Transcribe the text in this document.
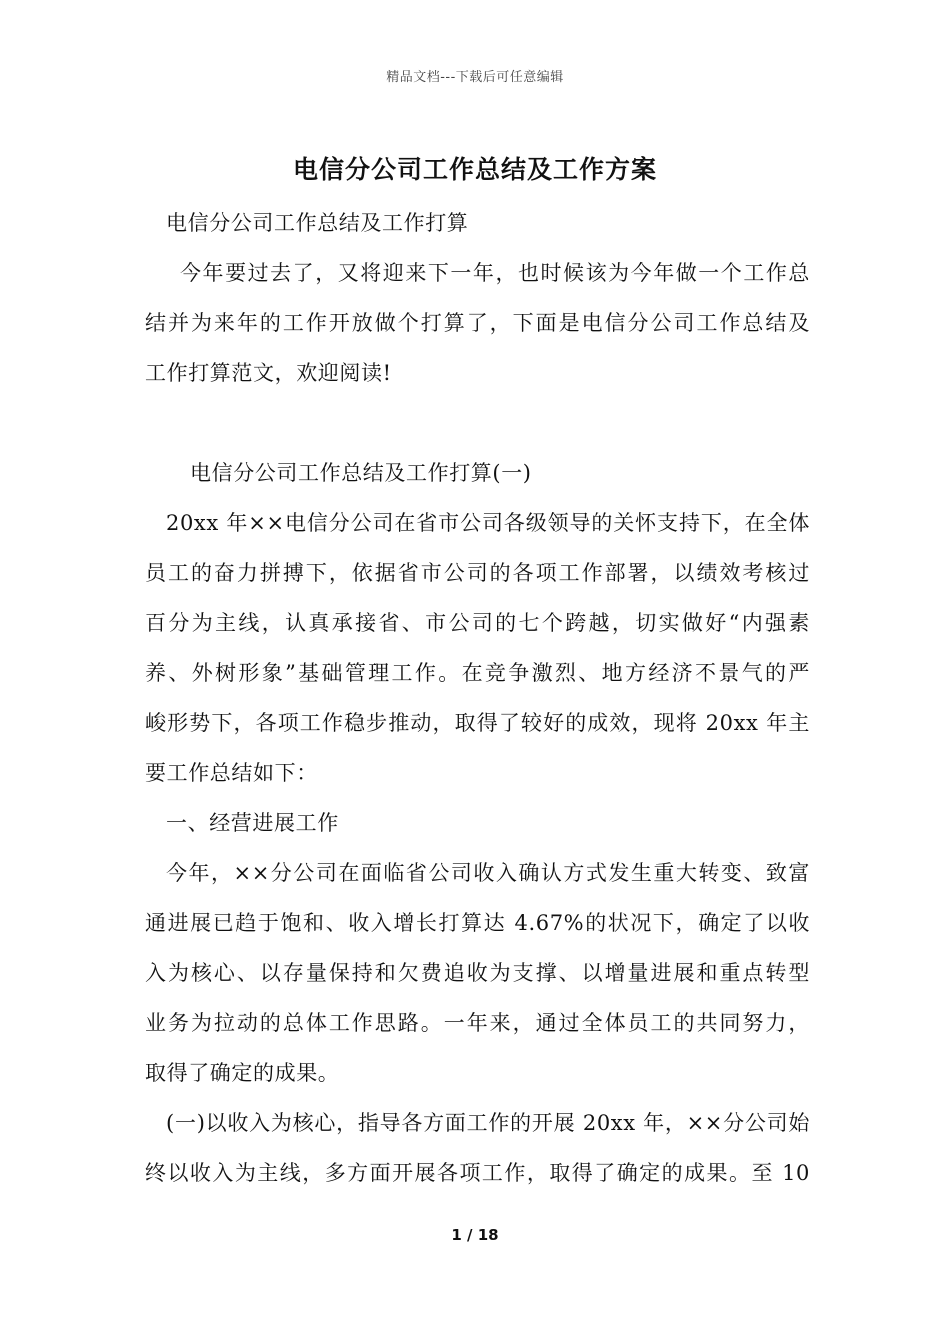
精品文档---下载后可任意编辑
电信分公司工作总结及工作方案
电信分公司工作总结及工作打算
今年要过去了，又将迎来下一年，也时候该为今年做一个工作总
结并为来年的工作开放做个打算了，下面是电信分公司工作总结及
工作打算范文，欢迎阅读!
电信分公司工作总结及工作打算(一)
20xx 年××电信分公司在省市公司各级领导的关怀支持下，在全体
员工的奋力拼搏下，依据省市公司的各项工作部署，以绩效考核过
百分为主线，认真承接省、市公司的七个跨越，切实做好“内强素
养、外树形象”基础管理工作。在竞争激烈、地方经济不景气的严
峻形势下，各项工作稳步推动，取得了较好的成效，现将 20xx 年主
要工作总结如下：
一、经营进展工作
今年，××分公司在面临省公司收入确认方式发生重大转变、致富
通进展已趋于饱和、收入增长打算达 4.67%的状况下，确定了以收
入为核心、以存量保持和欠费追收为支撑、以增量进展和重点转型
业务为拉动的总体工作思路。一年来，通过全体员工的共同努力，
取得了确定的成果。
(一)以收入为核心，指导各方面工作的开展 20xx 年，××分公司始
终以收入为主线，多方面开展各项工作，取得了确定的成果。至 10
1 / 18
